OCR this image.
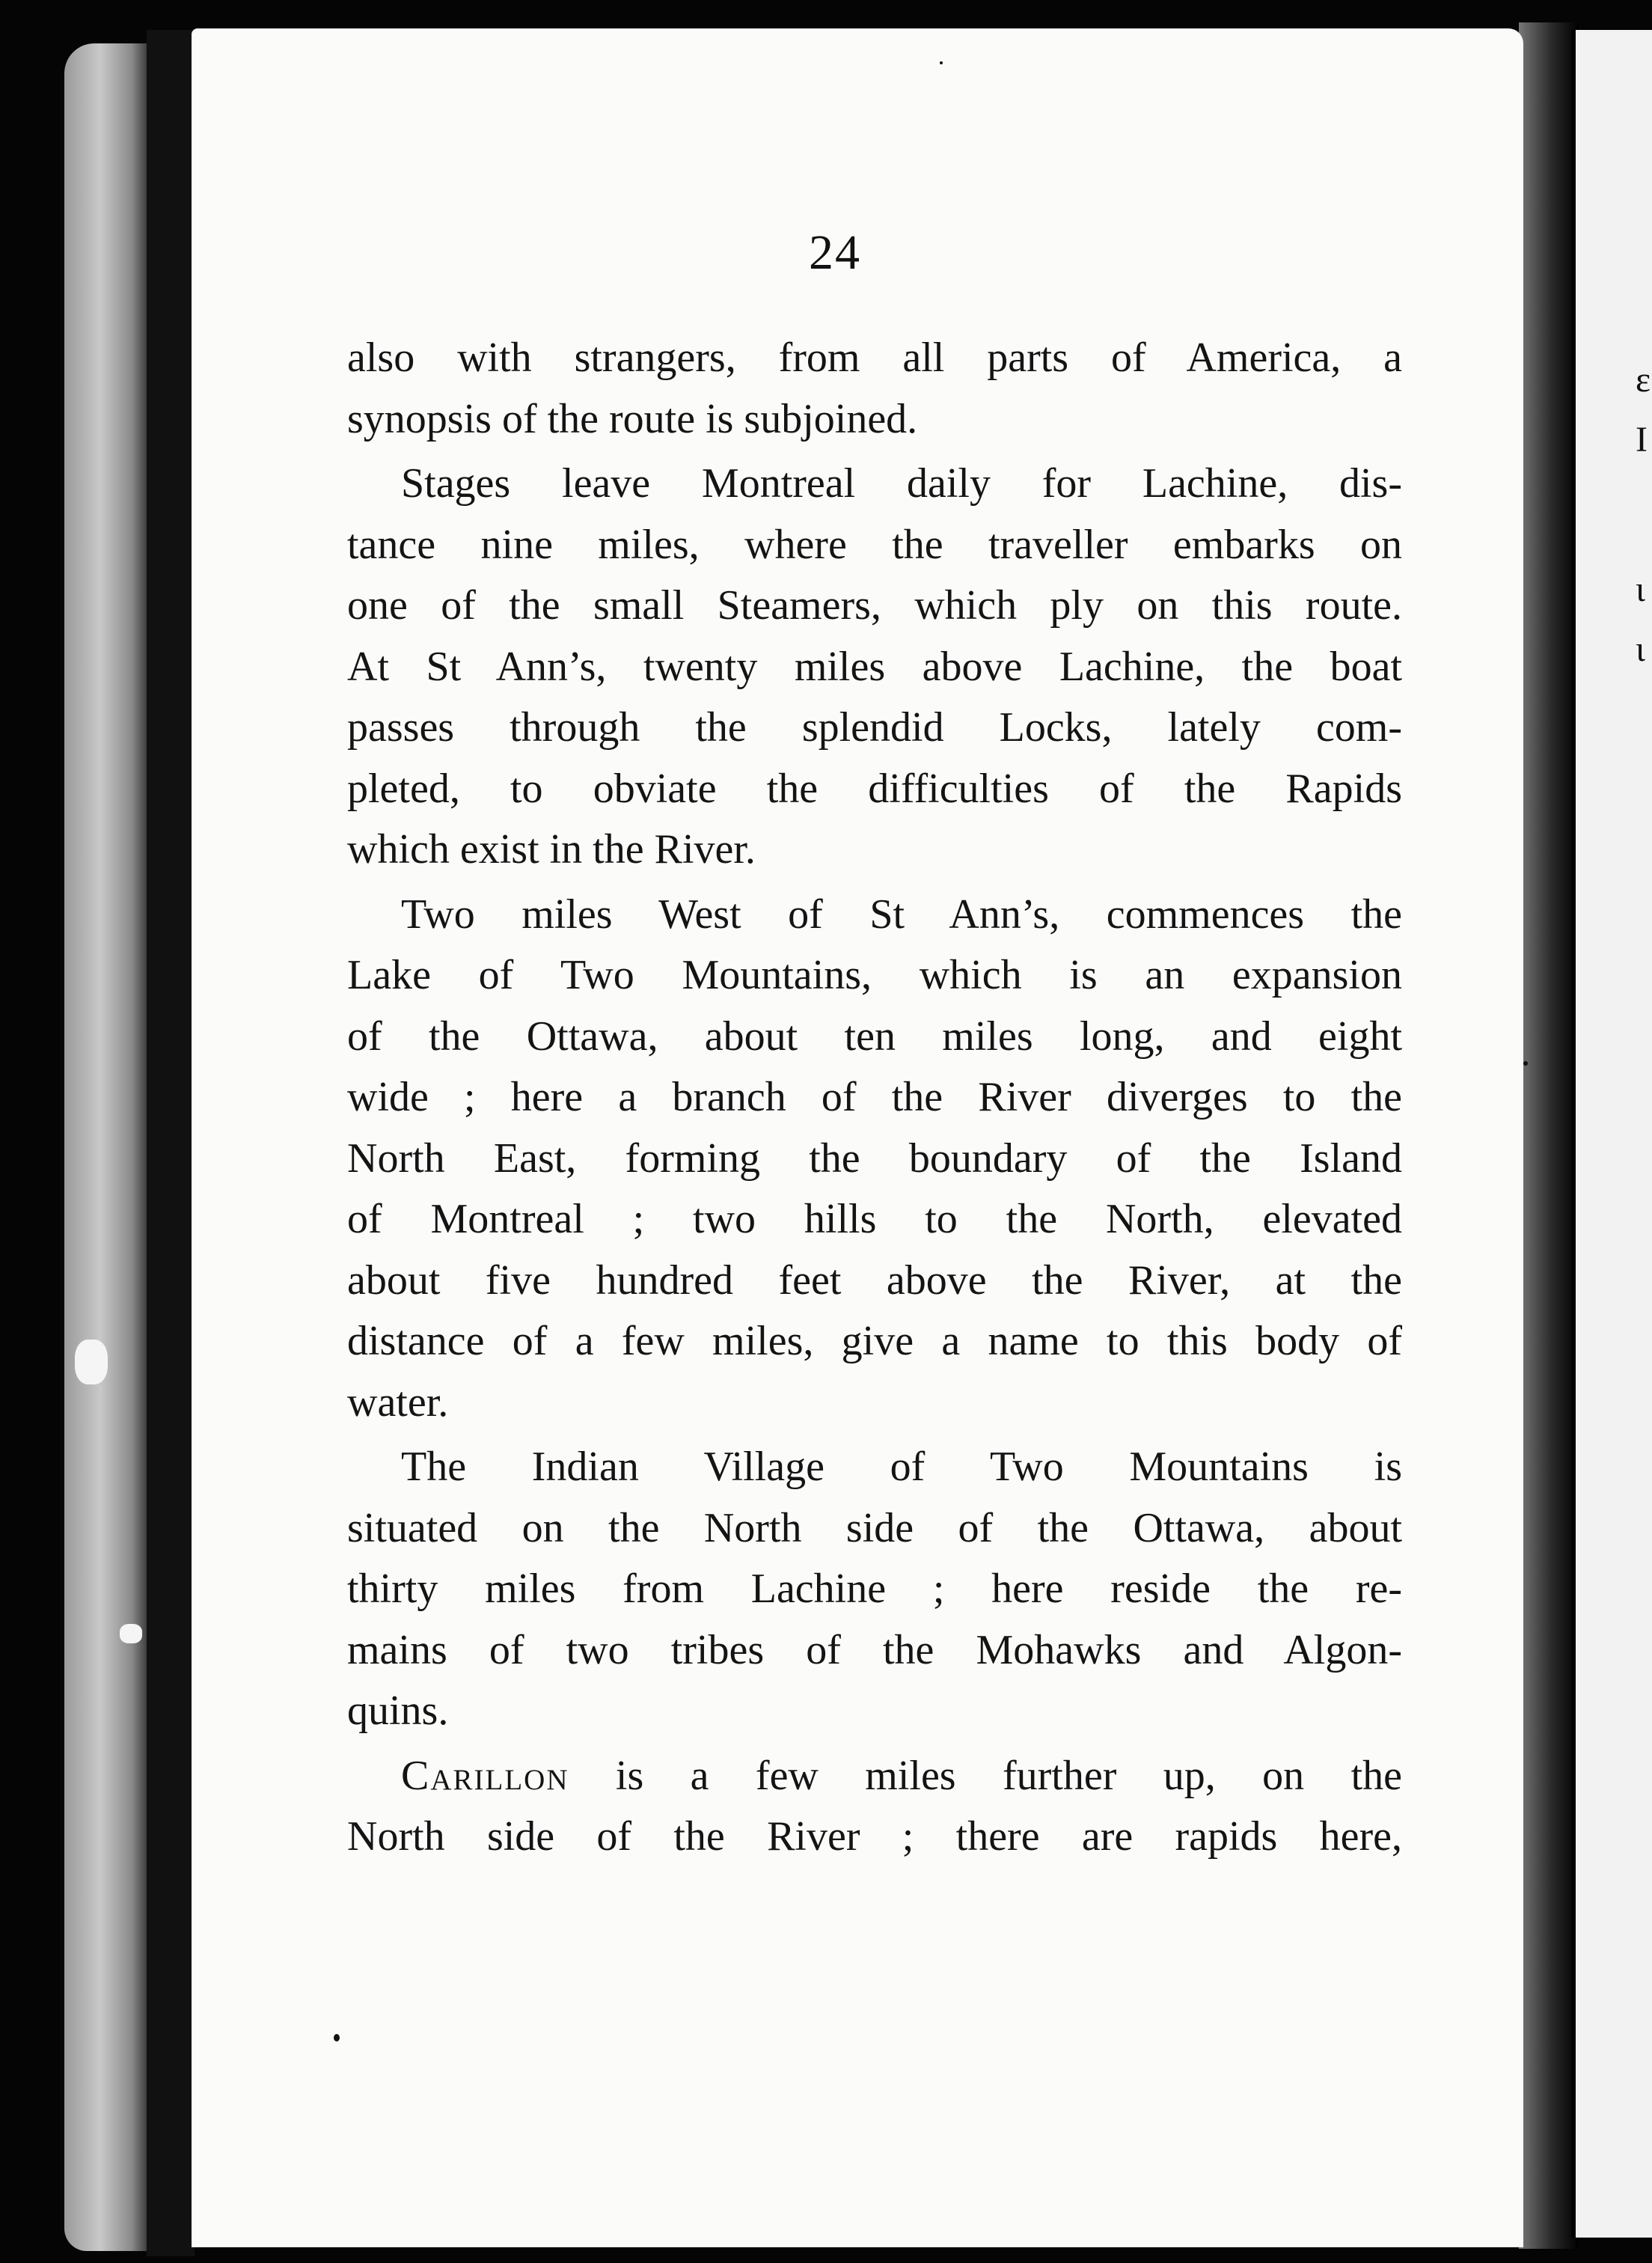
ε
I
ɩ
ɩ
24

also with strangers, from all parts of America, a
synopsis of the route is subjoined.

Stages leave Montreal daily for Lachine, dis-
tance nine miles, where the traveller embarks on
one of the small Steamers, which ply on this route.
At St Ann’s, twenty miles above Lachine, the boat
passes through the splendid Locks, lately com-
pleted, to obviate the difficulties of the Rapids
which exist in the River.

Two miles West of St Ann’s, commences the
Lake of Two Mountains, which is an expansion
of the Ottawa, about ten miles long, and eight
wide ; here a branch of the River diverges to the
North East, forming the boundary of the Island
of Montreal ; two hills to the North, elevated
about five hundred feet above the River, at the
distance of a few miles, give a name to this body of
water.

The Indian Village of Two Mountains is
situated on the North side of the Ottawa, about
thirty miles from Lachine ; here reside the re-
mains of two tribes of the Mohawks and Algon-
quins.

Carillon is a few miles further up, on the
North side of the River ; there are rapids here,
